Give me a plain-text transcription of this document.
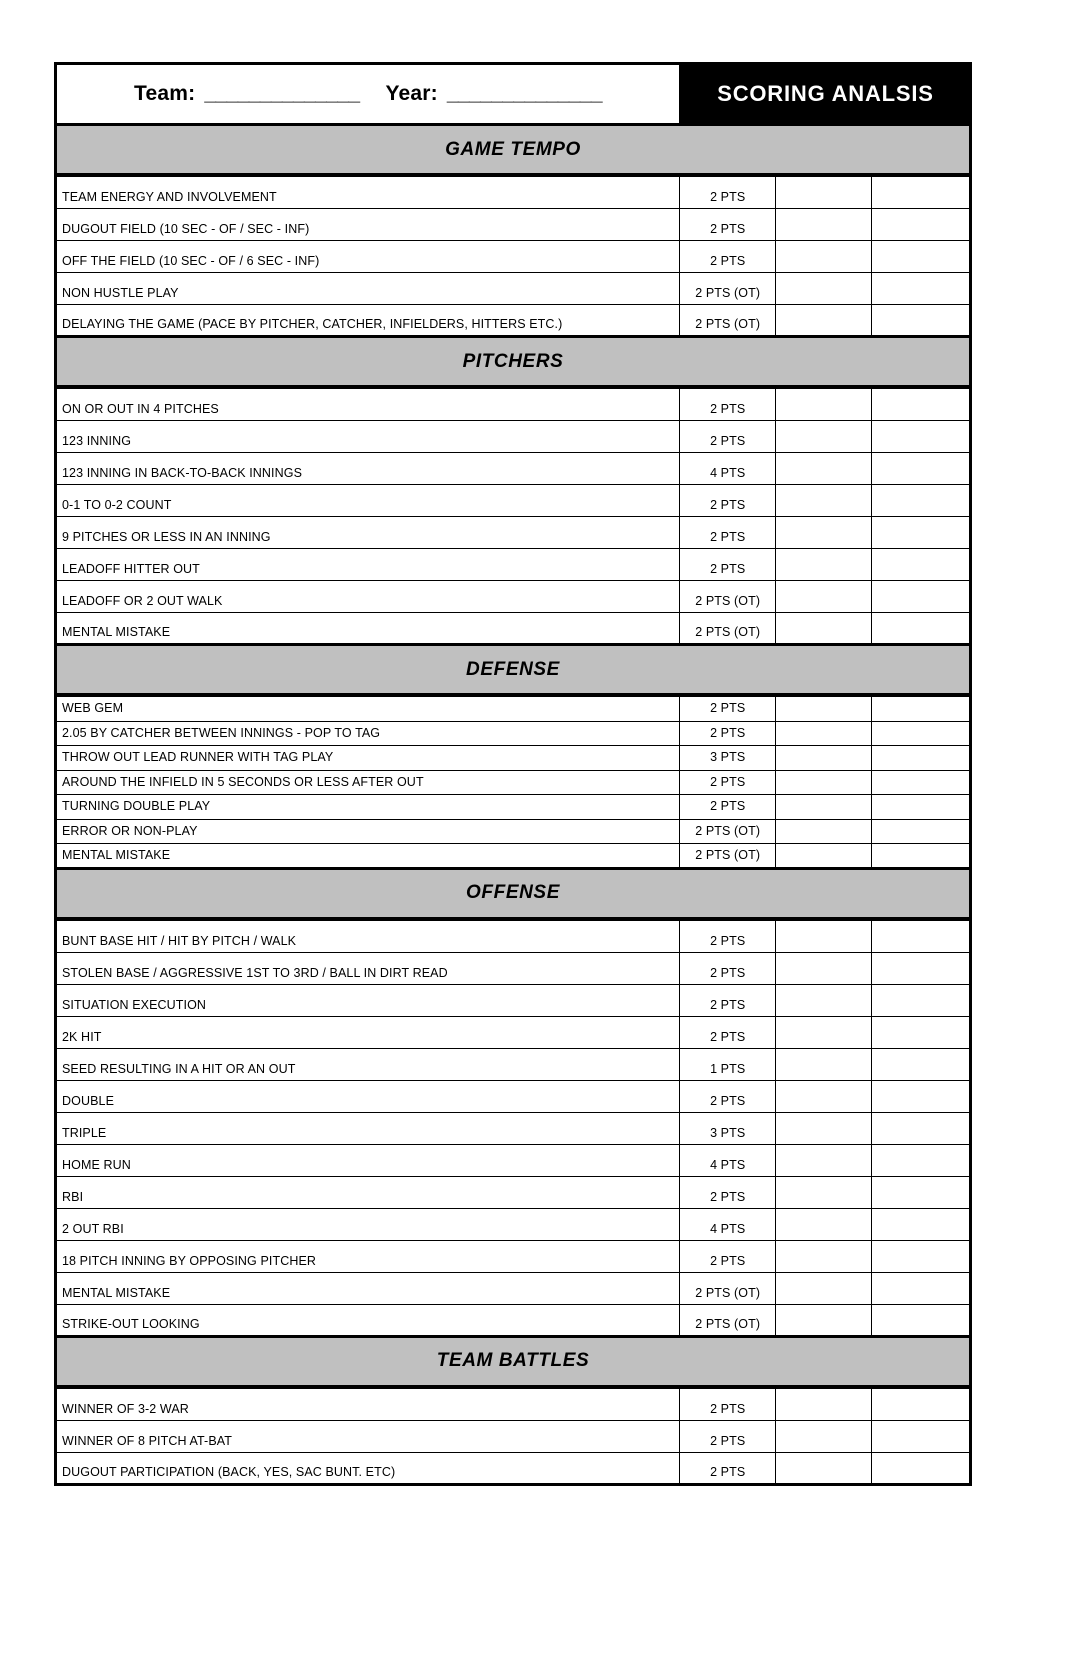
Team: ______________ Year: ______________	SCORING ANALSIS
GAME TEMPO
TEAM ENERGY AND INVOLVEMENT	2 PTS		

DUGOUT FIELD (10 SEC - OF / SEC - INF)	2 PTS		

OFF THE FIELD (10 SEC - OF / 6 SEC - INF)	2 PTS		

NON HUSTLE PLAY	2 PTS (OT)		

DELAYING THE GAME (PACE BY PITCHER, CATCHER, INFIELDERS, HITTERS ETC.)	2 PTS (OT)		

PITCHERS
ON OR OUT IN 4 PITCHES	2 PTS		

123 INNING	2 PTS		

123 INNING IN BACK-TO-BACK INNINGS	4 PTS		

0-1 TO 0-2 COUNT	2 PTS		

9 PITCHES OR LESS IN AN INNING	2 PTS		

LEADOFF HITTER OUT	2 PTS		

LEADOFF OR 2 OUT WALK	2 PTS (OT)		

MENTAL MISTAKE	2 PTS (OT)		

DEFENSE
WEB GEM	2 PTS		

2.05 BY CATCHER BETWEEN INNINGS - POP TO TAG	2 PTS		

THROW OUT LEAD RUNNER WITH TAG PLAY	3 PTS		

AROUND THE INFIELD IN 5 SECONDS OR LESS AFTER OUT	2 PTS		

TURNING DOUBLE PLAY	2 PTS		

ERROR OR NON-PLAY	2 PTS (OT)		

MENTAL MISTAKE	2 PTS (OT)		

OFFENSE
BUNT BASE HIT / HIT BY PITCH / WALK	2 PTS		

STOLEN BASE / AGGRESSIVE 1ST TO 3RD / BALL IN DIRT READ	2 PTS		

SITUATION EXECUTION	2 PTS		

2K HIT	2 PTS		

SEED RESULTING IN A HIT OR AN OUT	1 PTS		

DOUBLE	2 PTS		

TRIPLE	3 PTS		

HOME RUN	4 PTS		

RBI	2 PTS		

2 OUT RBI	4 PTS		

18 PITCH INNING BY OPPOSING PITCHER	2 PTS		

MENTAL MISTAKE	2 PTS (OT)		

STRIKE-OUT LOOKING	2 PTS (OT)		

TEAM BATTLES
WINNER OF 3-2 WAR	2 PTS		

WINNER OF 8 PITCH AT-BAT	2 PTS		

DUGOUT PARTICIPATION (BACK, YES, SAC BUNT. ETC)	2 PTS		
